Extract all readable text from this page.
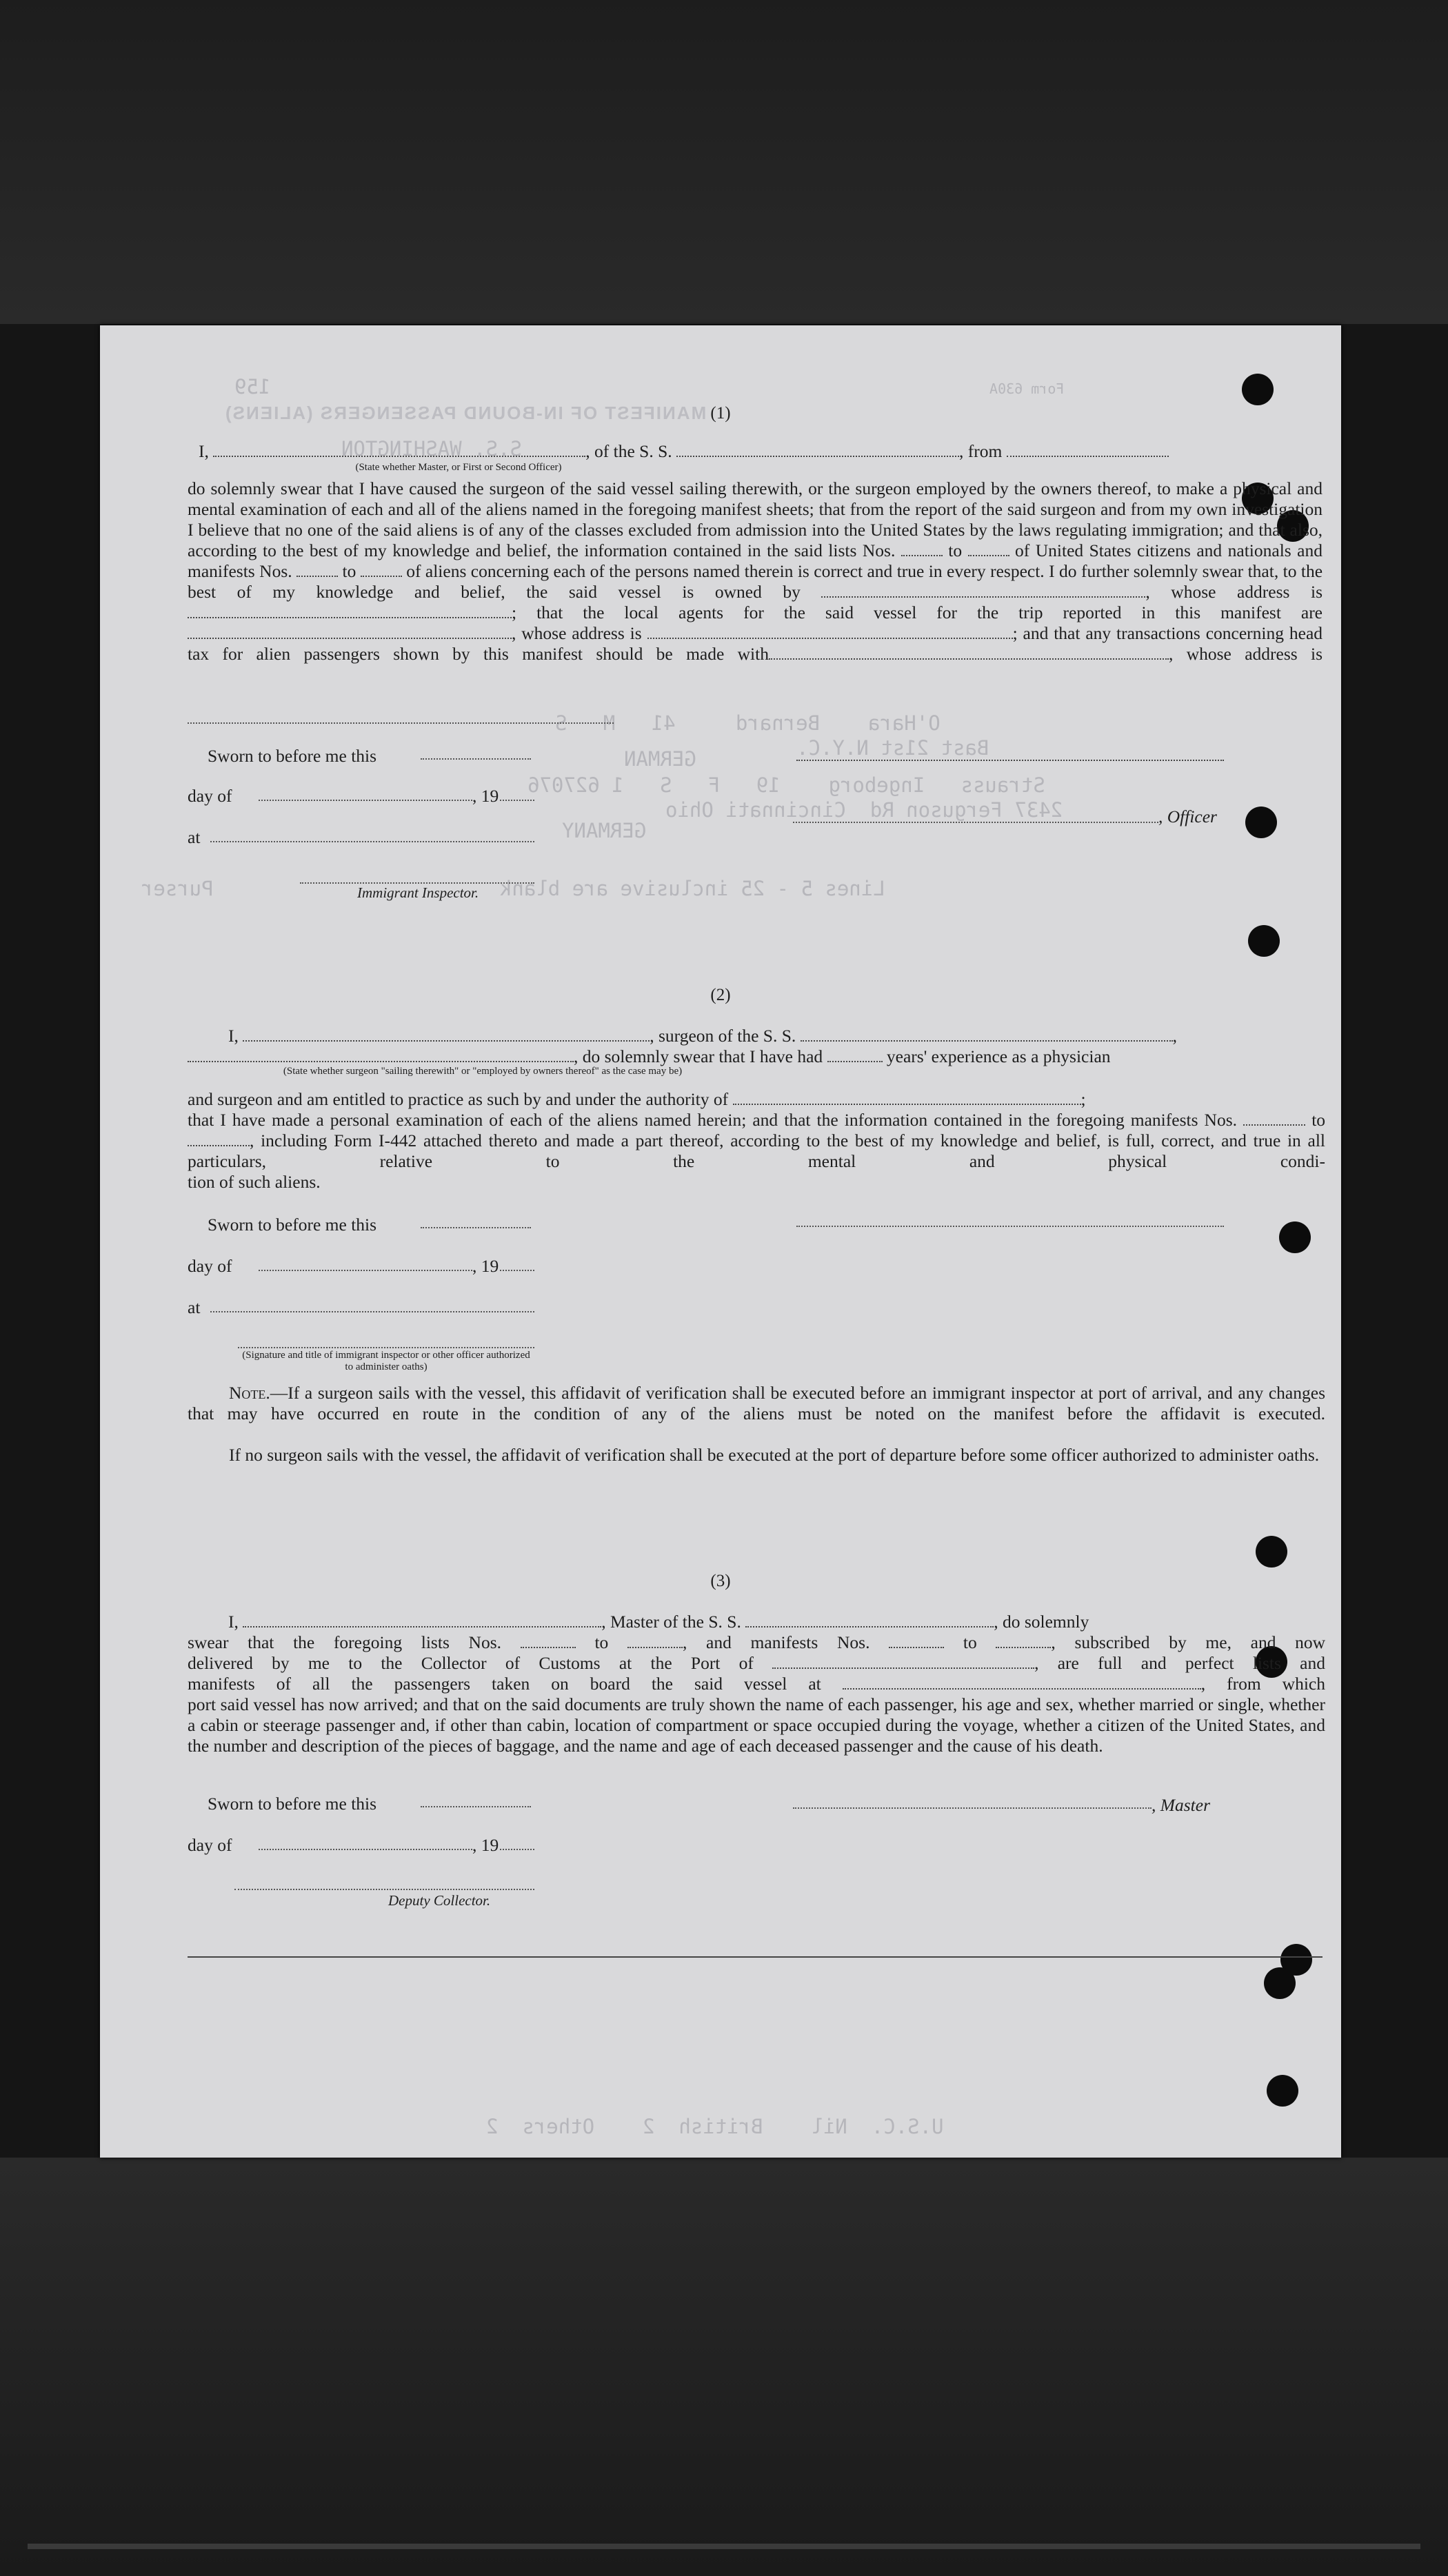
159
MANIFEST OF IN-BOUND PASSENGERS (ALIENS)
Form 630A
S.S. WASHINGTON
O'Hara    Bernard     41   M   S
Bast 21st N.Y.C.
Strauss   Ingeborg    19   F   S   1 627076
2437 Ferguson Rd  Cincinnati Ohio
GERMANY
GERMAN
Lines 5 - 25 inclusive are blank
Purser
U.S.C.  Nil    British  2    Others  2
(1)
I,	, of the S. S.	, from
(State whether Master, or First or Second Officer)
do solemnly swear that I have caused the surgeon of the said vessel sailing therewith, or the surgeon employed by the owners thereof, to make a physical and mental examination of each and all of the aliens named in the foregoing manifest sheets; that from the report of the said surgeon and from my own investigation I believe that no one of the said aliens is of any of the classes excluded from admission into the United States by the laws regulating immigration; and that also, according to the best of my knowledge and belief, the information contained in the said lists Nos.	to	of United States citizens and nationals and manifests Nos.	to	of aliens concerning each of the persons named therein is correct and true in every respect. I do further solemnly swear that, to the best of my knowledge and belief, the said vessel is owned by	, whose address is ; that the local agents for the said vessel for the trip reported in this manifest are , whose address is	; and that any transactions concerning head tax for alien passengers shown by this manifest should be made with	, whose address is
Sworn to before me this
day of	, 19
, Officer
at
Immigrant Inspector.
(2)
I,	, surgeon of the S. S.	,
, do solemnly swear that I have had	years' experience as a physician
(State whether surgeon "sailing therewith" or "employed by owners thereof" as the case may be)
and surgeon and am entitled to practice as such by and under the authority of	;
that I have made a personal examination of each of the aliens named herein; and that the information contained in the foregoing manifests Nos.	to , including Form I-442 attached thereto and made a part thereof, according to the best of my knowledge and belief, is full, correct, and true in all particulars, relative to the mental and physical condi-
tion of such aliens.
Sworn to before me this
day of	, 19
at
(Signature and title of immigrant inspector or other officer authorized to administer oaths)
Note.—If a surgeon sails with the vessel, this affidavit of verification shall be executed before an immigrant inspector at port of arrival, and any changes that may have occurred en route in the condition of any of the aliens must be noted on the manifest before the affidavit is executed.
If no surgeon sails with the vessel, the affidavit of verification shall be executed at the port of departure before some officer authorized to administer oaths.
(3)
I,	, Master of the S. S.	, do solemnly
swear that the foregoing lists Nos.	to	, and manifests Nos.	to	, subscribed by me, and now
delivered by me to the Collector of Customs at the Port of	, are full and perfect lists and
manifests of all the passengers taken on board the said vessel at	, from which
port said vessel has now arrived; and that on the said documents are truly shown the name of each passenger, his age and sex, whether married or single, whether a cabin or steerage passenger and, if other than cabin, location of compartment or space occupied during the voyage, whether a citizen of the United States, and the number and description of the pieces of baggage, and the name and age of each deceased passenger and the cause of his death.
Sworn to before me this	, Master
day of	, 19
Deputy Collector.
